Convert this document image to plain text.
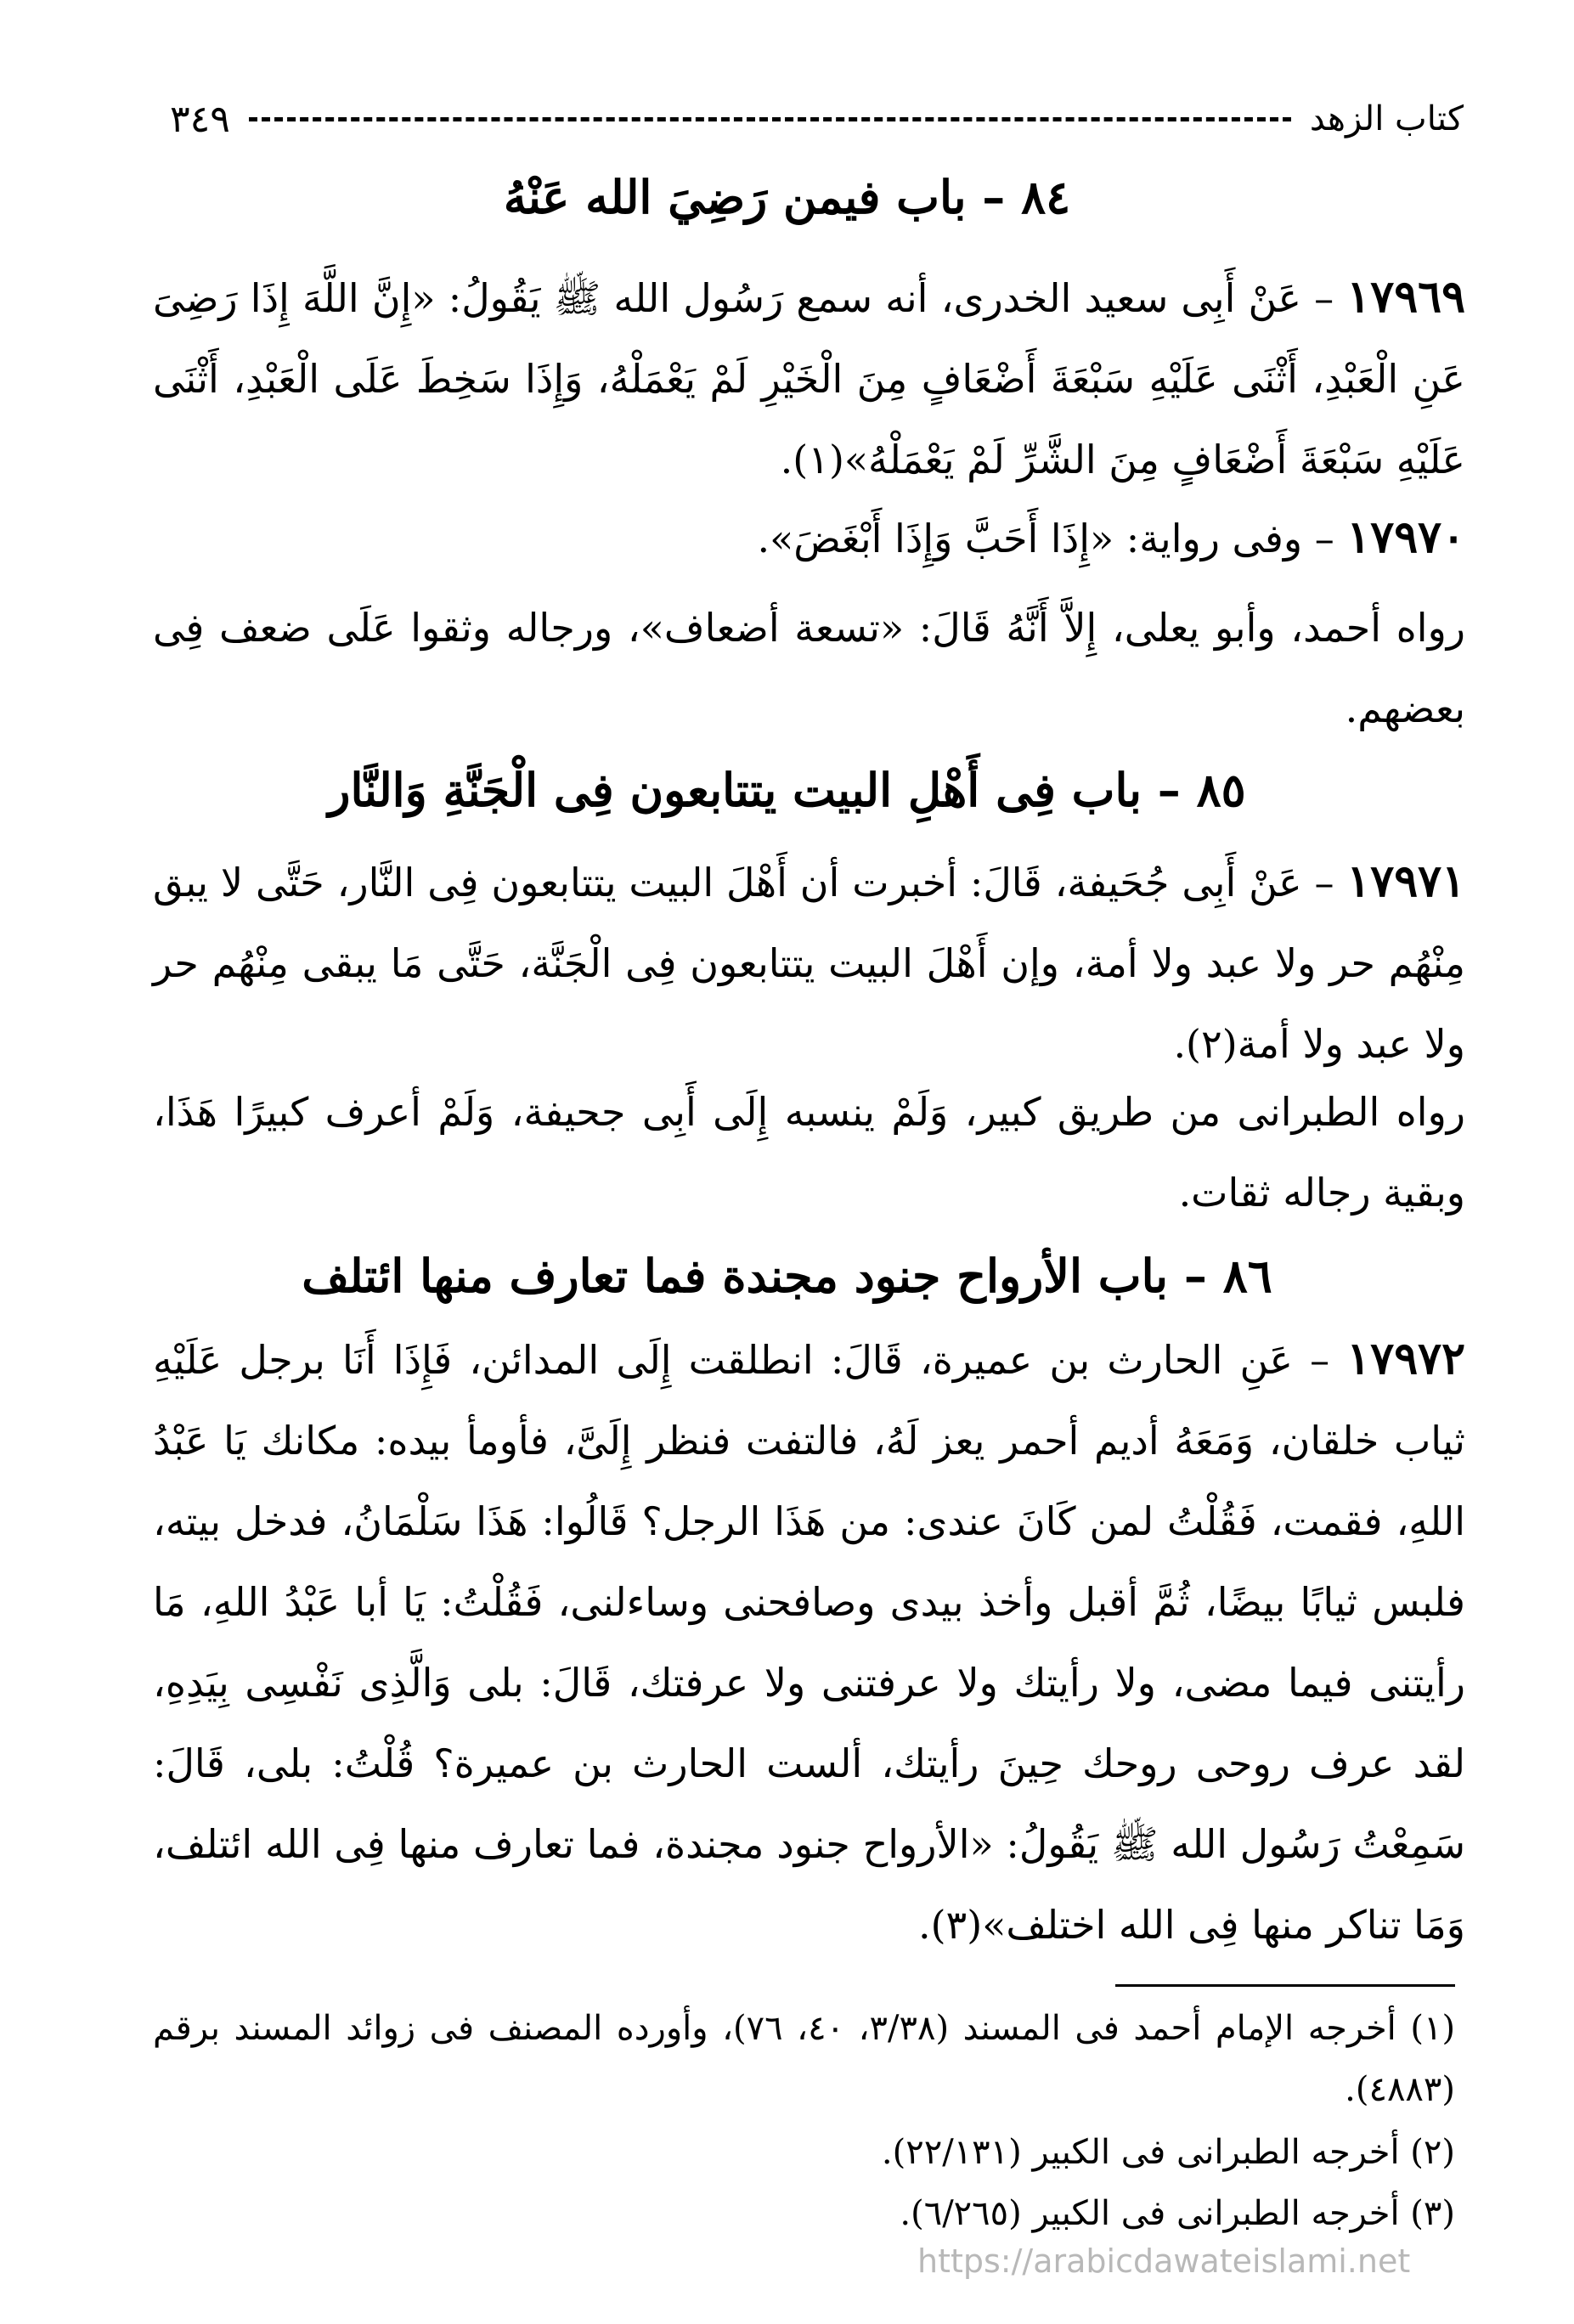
كتاب الزهد
٣٤٩
٨٤ – باب فيمن رَضِيَ الله عَنْهُ
١٧٩٦٩ – عَنْ أَبِى سعيد الخدرى، أنه سمع رَسُول الله ﷺ يَقُولُ: «إِنَّ اللَّهَ إِذَا رَضِىَ عَنِ الْعَبْدِ، أَثْنَى عَلَيْهِ سَبْعَةَ أَضْعَافٍ مِنَ الْخَيْرِ لَمْ يَعْمَلْهُ، وَإِذَا سَخِطَ عَلَى الْعَبْدِ، أَثْنَى عَلَيْهِ سَبْعَةَ أَضْعَافٍ مِنَ الشَّرِّ لَمْ يَعْمَلْهُ»(١).
١٧٩٧٠ – وفى رواية: «إِذَا أَحَبَّ وَإِذَا أَبْغَضَ».
رواه أحمد، وأبو يعلى، إِلاَّ أَنَّهُ قَالَ: «تسعة أضعاف»، ورجاله وثقوا عَلَى ضعف فِى بعضهم.
٨٥ – باب فِى أَهْلِ البيت يتتابعون فِى الْجَنَّةِ وَالنَّار
١٧٩٧١ – عَنْ أَبِى جُحَيفة، قَالَ: أخبرت أن أَهْلَ البيت يتتابعون فِى النَّار، حَتَّى لا يبق مِنْهُم حر ولا عبد ولا أمة، وإن أَهْلَ البيت يتتابعون فِى الْجَنَّة، حَتَّى مَا يبقى مِنْهُم حر ولا عبد ولا أمة(٢).
رواه الطبرانى من طريق كبير، وَلَمْ ينسبه إِلَى أَبِى جحيفة، وَلَمْ أعرف كبيرًا هَذَا، وبقية رجاله ثقات.
٨٦ – باب الأرواح جنود مجندة فما تعارف منها ائتلف
١٧٩٧٢ – عَنِ الحارث بن عميرة، قَالَ: انطلقت إِلَى المدائن، فَإِذَا أَنَا برجل عَلَيْهِ ثياب خلقان، وَمَعَهُ أديم أحمر يعز لَهُ، فالتفت فنظر إِلَىَّ، فأومأ بيده: مكانك يَا عَبْدُ اللهِ، فقمت، فَقُلْتُ لمن كَانَ عندى: من هَذَا الرجل؟ قَالُوا: هَذَا سَلْمَانُ، فدخل بيته، فلبس ثيابًا بيضًا، ثُمَّ أقبل وأخذ بيدى وصافحنى وساءلنى، فَقُلْتُ: يَا أبا عَبْدُ اللهِ، مَا رأيتنى فيما مضى، ولا رأيتك ولا عرفتنى ولا عرفتك، قَالَ: بلى وَالَّذِى نَفْسِى بِيَدِهِ، لقد عرف روحى روحك حِينَ رأيتك، ألست الحارث بن عميرة؟ قُلْتُ: بلى، قَالَ: سَمِعْتُ رَسُول الله ﷺ يَقُولُ: «الأرواح جنود مجندة، فما تعارف منها فِى الله ائتلف، وَمَا تناكر منها فِى الله اختلف»(٣).
(١) أخرجه الإمام أحمد فى المسند (٣/٣٨، ٤٠، ٧٦)، وأورده المصنف فى زوائد المسند برقم (٤٨٨٣).
(٢) أخرجه الطبرانى فى الكبير (٢٢/١٣١).
(٣) أخرجه الطبرانى فى الكبير (٦/٢٦٥).
https://arabicdawateislami.net
